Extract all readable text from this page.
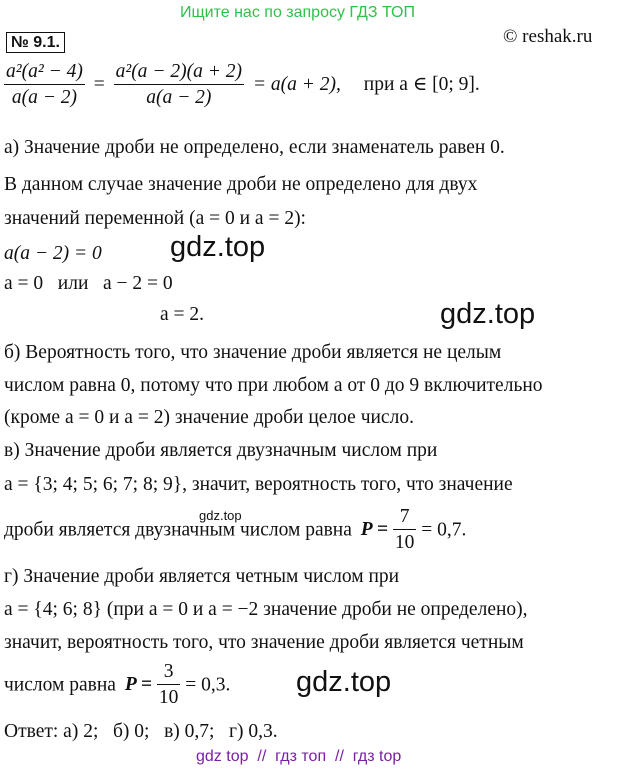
Ищите нас по запросу ГДЗ ТОП
© reshak.ru
№ 9.1.
$\frac{\text{a²(a² − 4)}}{a(a - 2)} = \frac{\text{a²(a − 2)(a + 2)}}{a(a - 2)} = a(a + 2)$, при a ∈ [0; 9].
а) Значение дроби не определено, если знаменатель равен 0.
В данном случае значение дроби не определено для двух
значений переменной (a = 0 и a = 2):
a(a − 2) = 0
a = 0   или   a − 2 = 0
a = 2.
б) Вероятность того, что значение дроби является не целым
числом равна 0, потому что при любом a от 0 до 9 включительно
(кроме a = 0 и a = 2) значение дроби целое число.
в) Значение дроби является двузначным числом при
a = {3; 4; 5; 6; 7; 8; 9}, значит, вероятность того, что значение
дроби является двузначным числом равна $P = \frac{7}{10} = 0,7$.
г) Значение дроби является четным числом при
a = {4; 6; 8} (при a = 0 и a = −2 значение дроби не определено),
значит, вероятность того, что значение дроби является четным
числом равна $P = \frac{3}{10} = 0,3$.
Ответ: а) 2;   б) 0;   в) 0,7;   г) 0,3.
gdz.top
gdz.top
gdz.top
gdz.top
gdz top  //  гдз топ  //  гдз top
